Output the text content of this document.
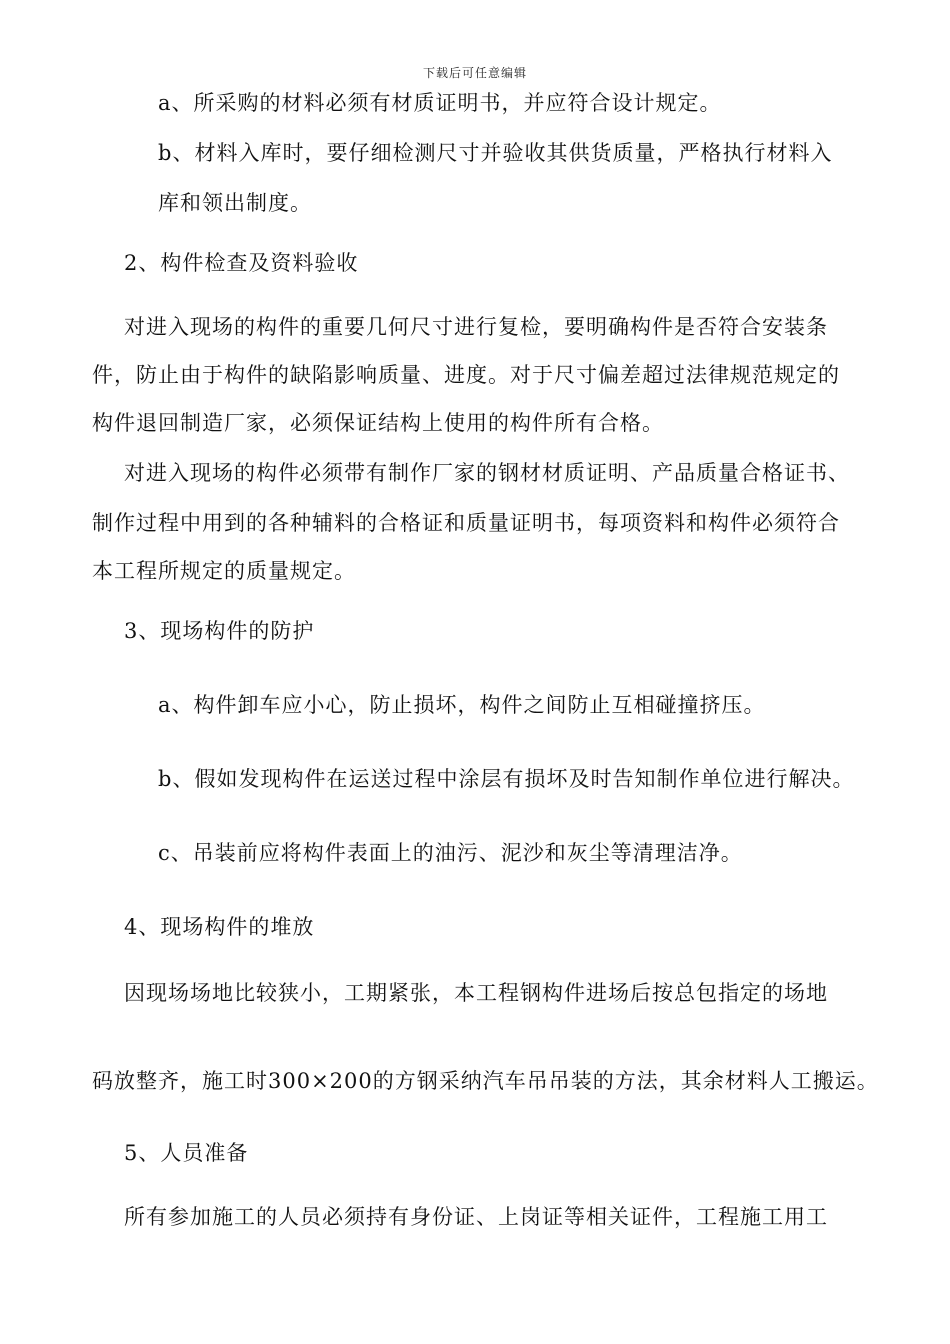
下载后可任意编辑
a、所采购的材料必须有材质证明书，并应符合设计规定。
b、材料入库时，要仔细检测尺寸并验收其供货质量，严格执行材料入
库和领出制度。
2、构件检查及资料验收
对进入现场的构件的重要几何尺寸进行复检，要明确构件是否符合安装条
件，防止由于构件的缺陷影响质量、进度。对于尺寸偏差超过法律规范规定的
构件退回制造厂家，必须保证结构上使用的构件所有合格。
对进入现场的构件必须带有制作厂家的钢材材质证明、产品质量合格证书、
制作过程中用到的各种辅料的合格证和质量证明书，每项资料和构件必须符合
本工程所规定的质量规定。
3、现场构件的防护
a、构件卸车应小心，防止损坏，构件之间防止互相碰撞挤压。
b、假如发现构件在运送过程中涂层有损坏及时告知制作单位进行解决。
c、吊装前应将构件表面上的油污、泥沙和灰尘等清理洁净。
4、现场构件的堆放
因现场场地比较狭小，工期紧张，本工程钢构件进场后按总包指定的场地
码放整齐，施工时300×200的方钢采纳汽车吊吊装的方法，其余材料人工搬运。
5、人员准备
所有参加施工的人员必须持有身份证、上岗证等相关证件，工程施工用工
